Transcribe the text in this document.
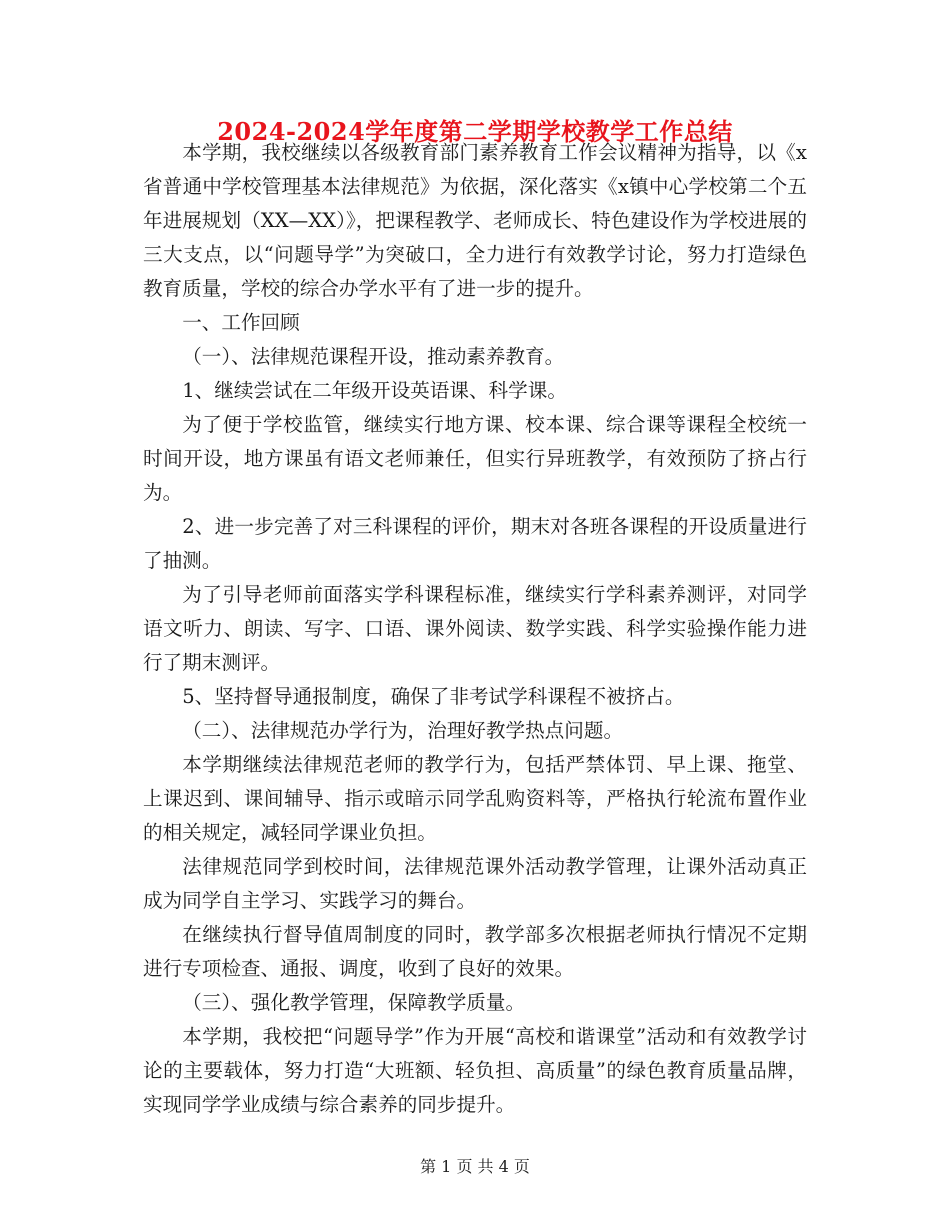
2024-2024学年度第二学期学校教学工作总结

本学期，我校继续以各级教育部门素养教育工作会议精神为指导，以《x省普通中学校管理基本法律规范》为依据，深化落实《x镇中心学校第二个五年进展规划（XX—XX）》，把课程教学、老师成长、特色建设作为学校进展的三大支点，以“问题导学”为突破口，全力进行有效教学讨论，努力打造绿色教育质量，学校的综合办学水平有了进一步的提升。

一、工作回顾

（一）、法律规范课程开设，推动素养教育。

1、继续尝试在二年级开设英语课、科学课。

为了便于学校监管，继续实行地方课、校本课、综合课等课程全校统一时间开设，地方课虽有语文老师兼任，但实行异班教学，有效预防了挤占行为。

2、进一步完善了对三科课程的评价，期末对各班各课程的开设质量进行了抽测。

为了引导老师前面落实学科课程标准，继续实行学科素养测评，对同学语文听力、朗读、写字、口语、课外阅读、数学实践、科学实验操作能力进行了期末测评。

5、坚持督导通报制度，确保了非考试学科课程不被挤占。

（二）、法律规范办学行为，治理好教学热点问题。

本学期继续法律规范老师的教学行为，包括严禁体罚、早上课、拖堂、上课迟到、课间辅导、指示或暗示同学乱购资料等，严格执行轮流布置作业的相关规定，减轻同学课业负担。

法律规范同学到校时间，法律规范课外活动教学管理，让课外活动真正成为同学自主学习、实践学习的舞台。

在继续执行督导值周制度的同时，教学部多次根据老师执行情况不定期进行专项检查、通报、调度，收到了良好的效果。

（三）、强化教学管理，保障教学质量。

本学期，我校把“问题导学”作为开展“高校和谐课堂”活动和有效教学讨论的主要载体，努力打造“大班额、轻负担、高质量”的绿色教育质量品牌，实现同学学业成绩与综合素养的同步提升。

第 1 页 共 4 页
